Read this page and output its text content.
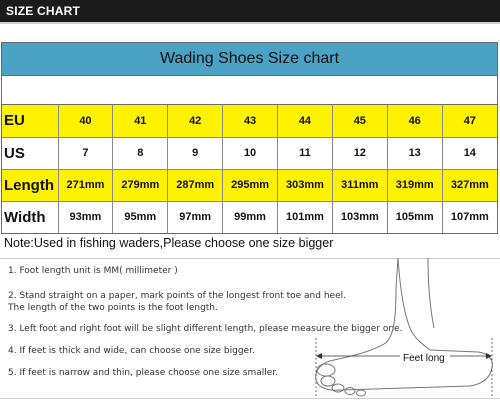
SIZE CHART
Wading Shoes Size chart
EU	40	41	42	43	44	45	46	47
US	7	8	9	10	11	12	13	14
Length	271mm	279mm	287mm	295mm	303mm	311mm	319mm	327mm
Width	93mm	95mm	97mm	99mm	101mm	103mm	105mm	107mm
Note:Used in fishing waders,Please choose one size bigger
1. Foot length unit is MM( millimeter )
2. Stand straight on a paper, mark points of the longest front toe and heel.
The length of the two points is the foot length.
3. Left foot and right foot will be slight different length, please measure the bigger one.
4. If feet is thick and wide, can choose one size bigger.
5. If feet is narrow and thin, please choose one size smaller.
Feet long
